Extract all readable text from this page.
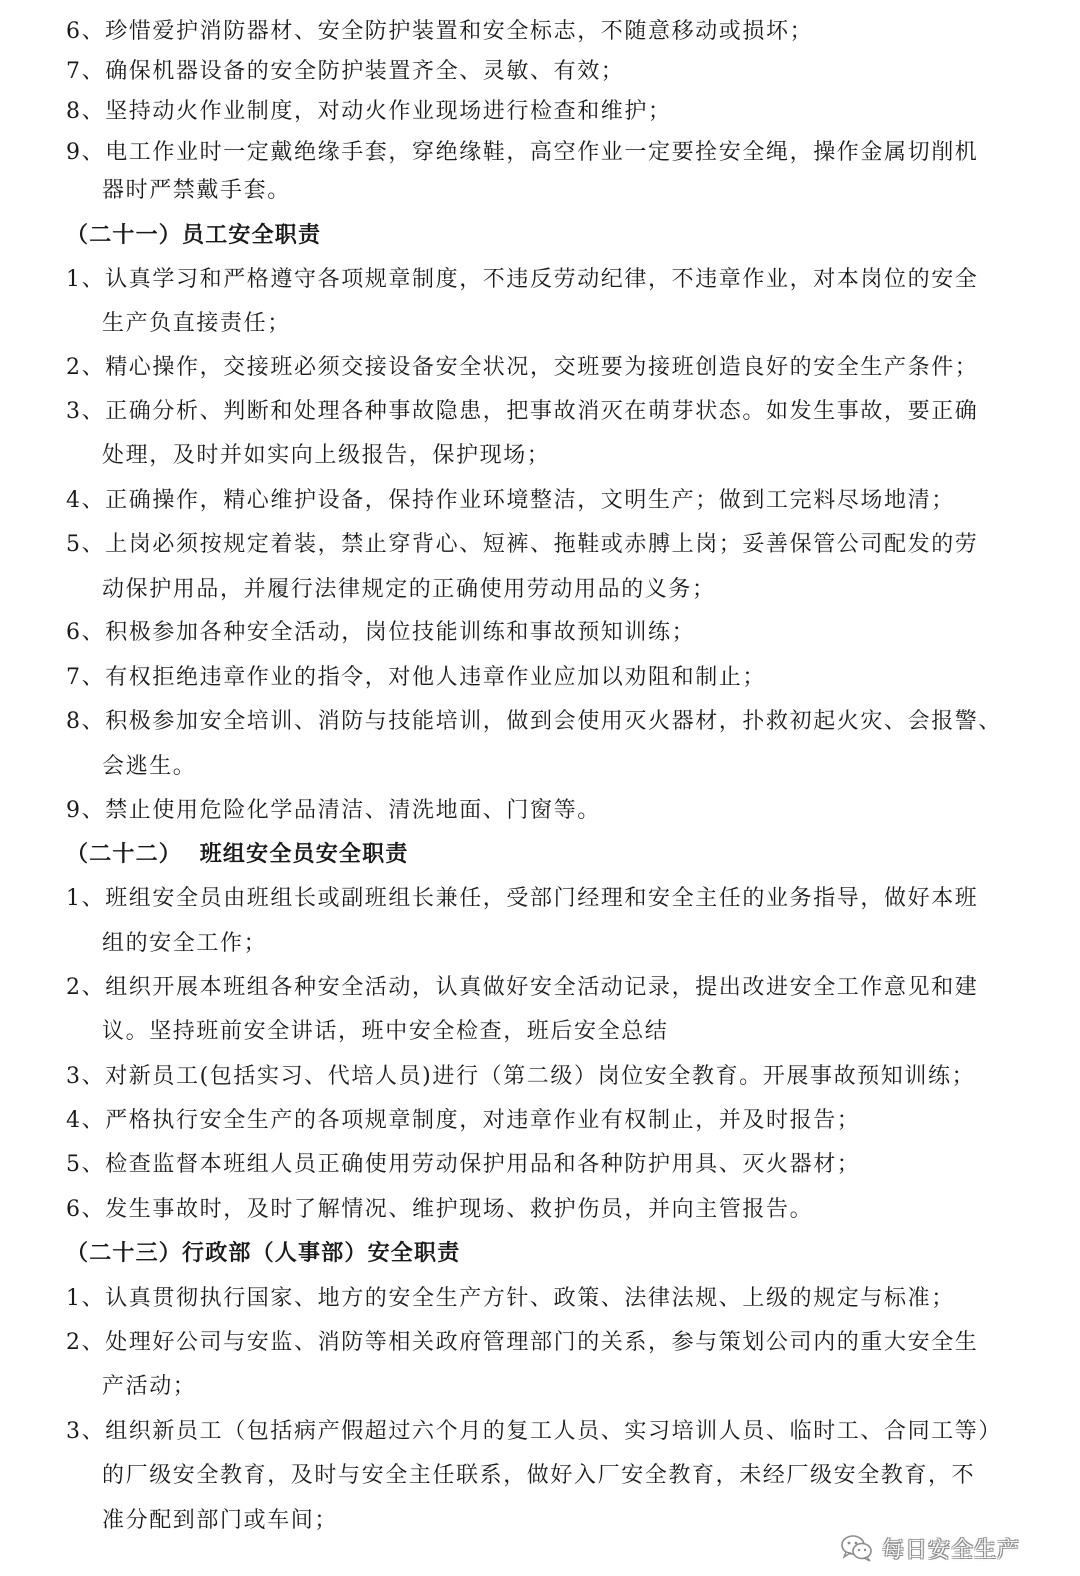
6、珍惜爱护消防器材、安全防护装置和安全标志，不随意移动或损坏；
7、确保机器设备的安全防护装置齐全、灵敏、有效；
8、坚持动火作业制度，对动火作业现场进行检查和维护；
9、电工作业时一定戴绝缘手套，穿绝缘鞋，高空作业一定要拴安全绳，操作金属切削机
器时严禁戴手套。
（二十一）员工安全职责
1、认真学习和严格遵守各项规章制度，不违反劳动纪律，不违章作业，对本岗位的安全
生产负直接责任；
2、精心操作，交接班必须交接设备安全状况，交班要为接班创造良好的安全生产条件；
3、正确分析、判断和处理各种事故隐患，把事故消灭在萌芽状态。如发生事故，要正确
处理，及时并如实向上级报告，保护现场；
4、正确操作，精心维护设备，保持作业环境整洁，文明生产；做到工完料尽场地清；
5、上岗必须按规定着装，禁止穿背心、短裤、拖鞋或赤膊上岗；妥善保管公司配发的劳
动保护用品，并履行法律规定的正确使用劳动用品的义务；
6、积极参加各种安全活动，岗位技能训练和事故预知训练；
7、有权拒绝违章作业的指令，对他人违章作业应加以劝阻和制止；
8、积极参加安全培训、消防与技能培训，做到会使用灭火器材，扑救初起火灾、会报警、
会逃生。
9、禁止使用危险化学品清洁、清洗地面、门窗等。
（二十二）  班组安全员安全职责
1、班组安全员由班组长或副班组长兼任，受部门经理和安全主任的业务指导，做好本班
组的安全工作；
2、组织开展本班组各种安全活动，认真做好安全活动记录，提出改进安全工作意见和建
议。坚持班前安全讲话，班中安全检查，班后安全总结
3、对新员工(包括实习、代培人员)进行（第二级）岗位安全教育。开展事故预知训练；
4、严格执行安全生产的各项规章制度，对违章作业有权制止，并及时报告；
5、检查监督本班组人员正确使用劳动保护用品和各种防护用具、灭火器材；
6、发生事故时，及时了解情况、维护现场、救护伤员，并向主管报告。
（二十三）行政部（人事部）安全职责
1、认真贯彻执行国家、地方的安全生产方针、政策、法律法规、上级的规定与标准；
2、处理好公司与安监、消防等相关政府管理部门的关系，参与策划公司内的重大安全生
产活动；
3、组织新员工（包括病产假超过六个月的复工人员、实习培训人员、临时工、合同工等）
的厂级安全教育，及时与安全主任联系，做好入厂安全教育，未经厂级安全教育，不
准分配到部门或车间；
每日安全生产
